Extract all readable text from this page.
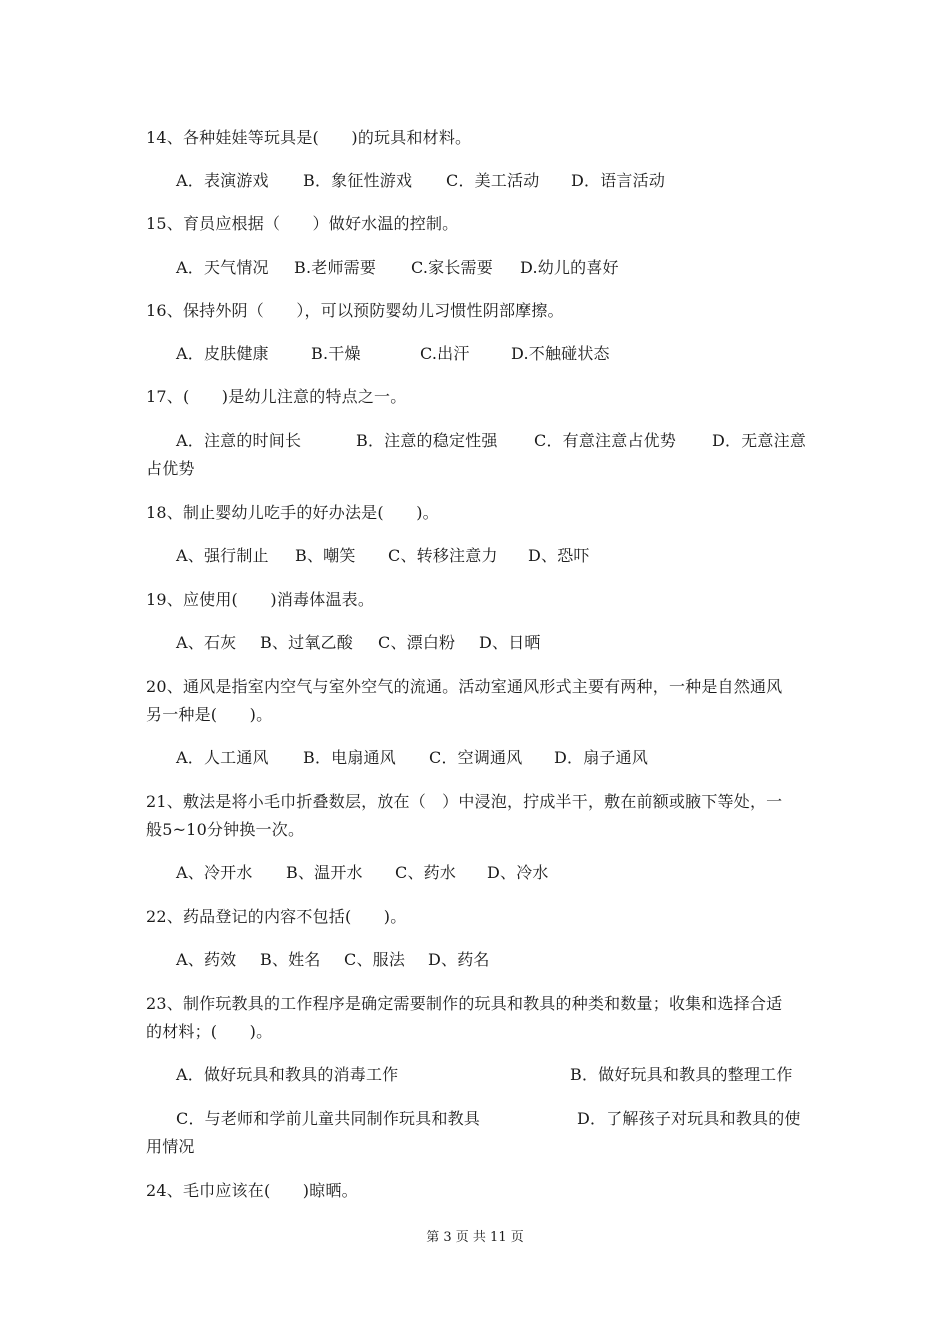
14、各种娃娃等玩具是(　　)的玩具和材料。
A．表演游戏 B．象征性游戏 C．美工活动 D．语言活动
15、育员应根据（　　）做好水温的控制。
A．天气情况 B.老师需要 C.家长需要 D.幼儿的喜好
16、保持外阴（　　），可以预防婴幼儿习惯性阴部摩擦。
A．皮肤健康	B.干燥	C.出汗	D.不触碰状态
17、(　　)是幼儿注意的特点之一。
A．注意的时间长	B．注意的稳定性强 C．有意注意占优势 D．无意注意
占优势
18、制止婴幼儿吃手的好办法是(　　)。
A、强行制止 B、嘲笑 C、转移注意力 D、恐吓
19、应使用(　　)消毒体温表。
A、石灰 B、过氧乙酸 C、漂白粉 D、日晒
20、通风是指室内空气与室外空气的流通。活动室通风形式主要有两种，一种是自然通风
另一种是(　　)。
A．人工通风 B．电扇通风 C．空调通风 D．扇子通风
21、敷法是将小毛巾折叠数层，放在（　）中浸泡，拧成半干，敷在前额或腋下等处，一
般5~10分钟换一次。
A、冷开水 B、温开水 C、药水 D、冷水
22、药品登记的内容不包括(　　)。
A、药效 B、姓名 C、服法 D、药名
23、制作玩教具的工作程序是确定需要制作的玩具和教具的种类和数量；收集和选择合适
的材料；(　　)。
A．做好玩具和教具的消毒工作	B．做好玩具和教具的整理工作
C．与老师和学前儿童共同制作玩具和教具	D．了解孩子对玩具和教具的使
用情况
24、毛巾应该在(　　)晾晒。
第 3 页 共 11 页
